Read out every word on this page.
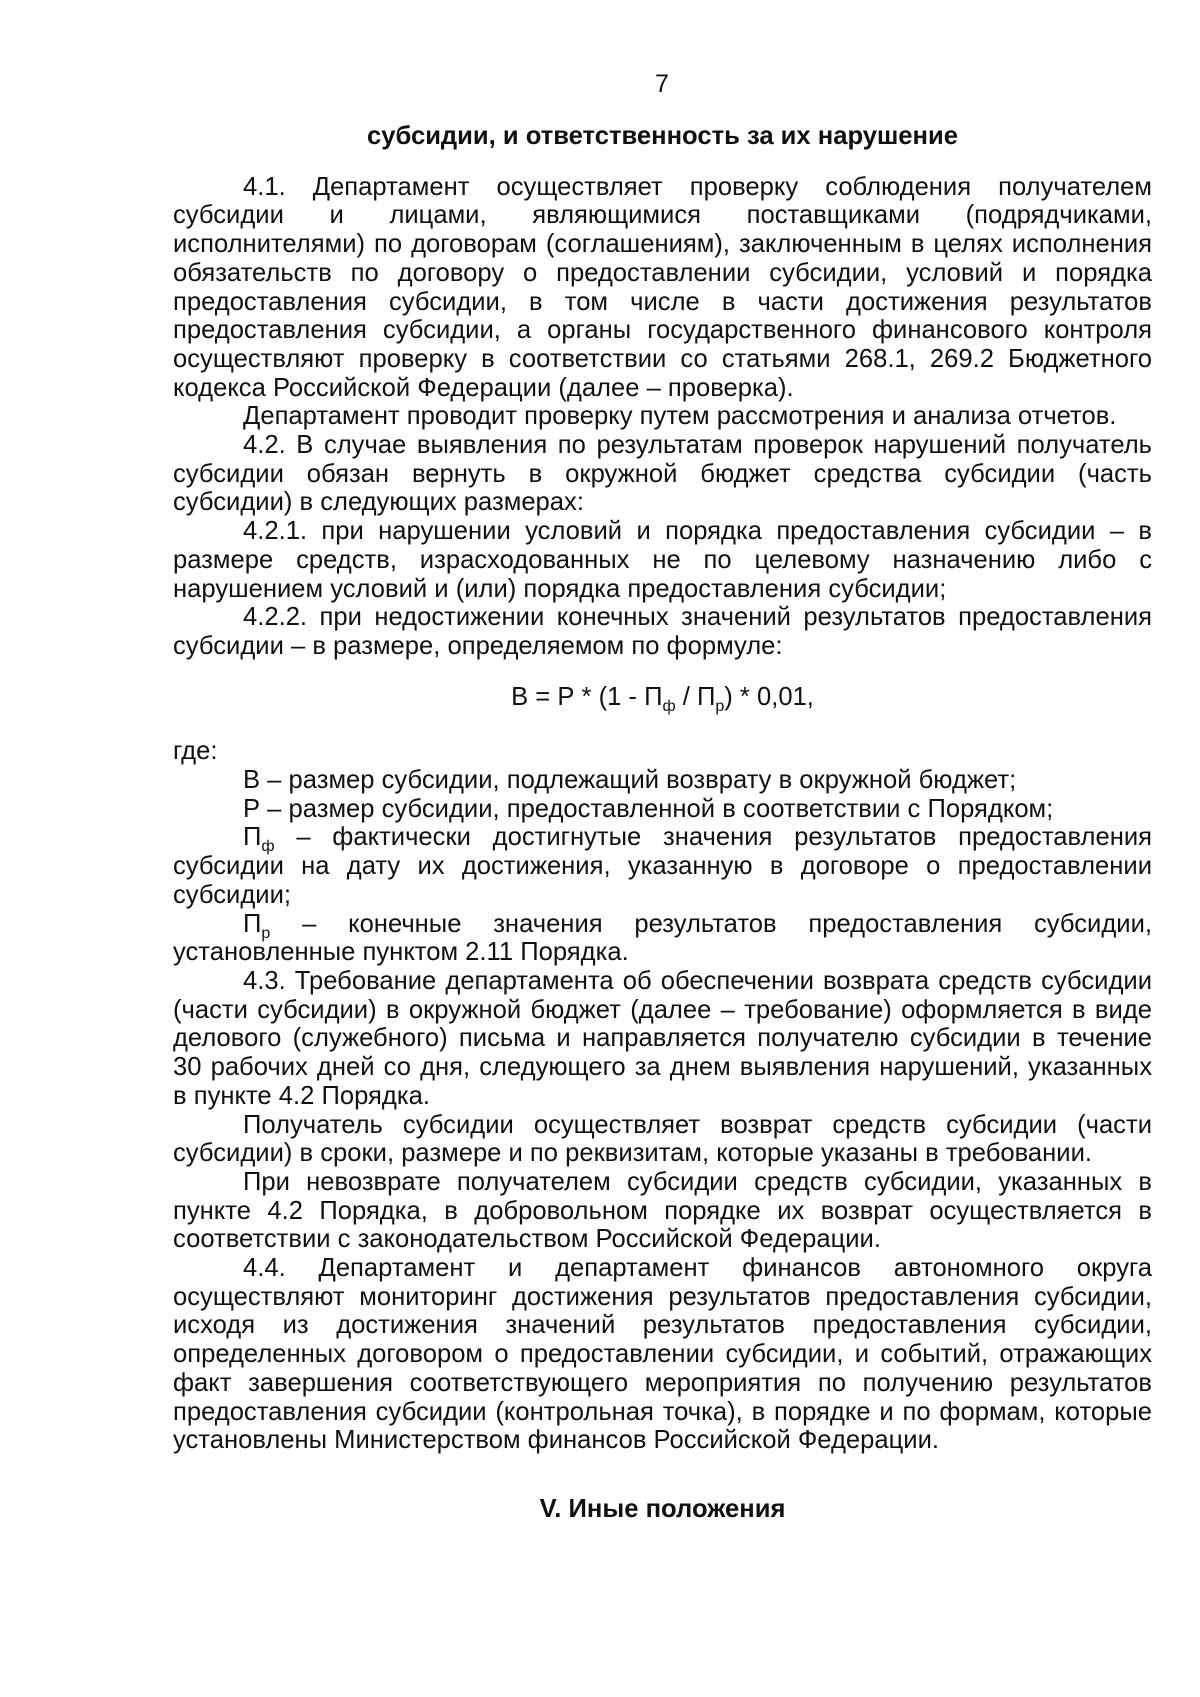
7
субсидии, и ответственность за их нарушение

4.1. Департамент осуществляет проверку соблюдения получателем субсидии и лицами, являющимися поставщиками (подрядчиками, исполнителями) по договорам (соглашениям), заключенным в целях исполнения обязательств по договору о предоставлении субсидии, условий и порядка предоставления субсидии, в том числе в части достижения результатов предоставления субсидии, а органы государственного финансового контроля осуществляют проверку в соответствии со статьями 268.1, 269.2 Бюджетного кодекса Российской Федерации (далее – проверка).

Департамент проводит проверку путем рассмотрения и анализа отчетов.

4.2. В случае выявления по результатам проверок нарушений получатель субсидии обязан вернуть в окружной бюджет средства субсидии (часть субсидии) в следующих размерах:

4.2.1. при нарушении условий и порядка предоставления субсидии – в размере средств, израсходованных не по целевому назначению либо с нарушением условий и (или) порядка предоставления субсидии;

4.2.2. при недостижении конечных значений результатов предоставления субсидии – в размере, определяемом по формуле:

$В = Р * (1 - П_ф / П_р) * 0,01$,

где:

В – размер субсидии, подлежащий возврату в окружной бюджет;

Р – размер субсидии, предоставленной в соответствии с Порядком;

$П_ф$ – фактически достигнутые значения результатов предоставления субсидии на дату их достижения, указанную в договоре о предоставлении субсидии;

$П_р$ – конечные значения результатов предоставления субсидии, установленные пунктом 2.11 Порядка.

4.3. Требование департамента об обеспечении возврата средств субсидии (части субсидии) в окружной бюджет (далее – требование) оформляется в виде делового (служебного) письма и направляется получателю субсидии в течение 30 рабочих дней со дня, следующего за днем выявления нарушений, указанных в пункте 4.2 Порядка.

Получатель субсидии осуществляет возврат средств субсидии (части субсидии) в сроки, размере и по реквизитам, которые указаны в требовании.

При невозврате получателем субсидии средств субсидии, указанных в пункте 4.2 Порядка, в добровольном порядке их возврат осуществляется в соответствии с законодательством Российской Федерации.

4.4. Департамент и департамент финансов автономного округа осуществляют мониторинг достижения результатов предоставления субсидии, исходя из достижения значений результатов предоставления субсидии, определенных договором о предоставлении субсидии, и событий, отражающих факт завершения соответствующего мероприятия по получению результатов предоставления субсидии (контрольная точка), в порядке и по формам, которые установлены Министерством финансов Российской Федерации.

V. Иные положения
